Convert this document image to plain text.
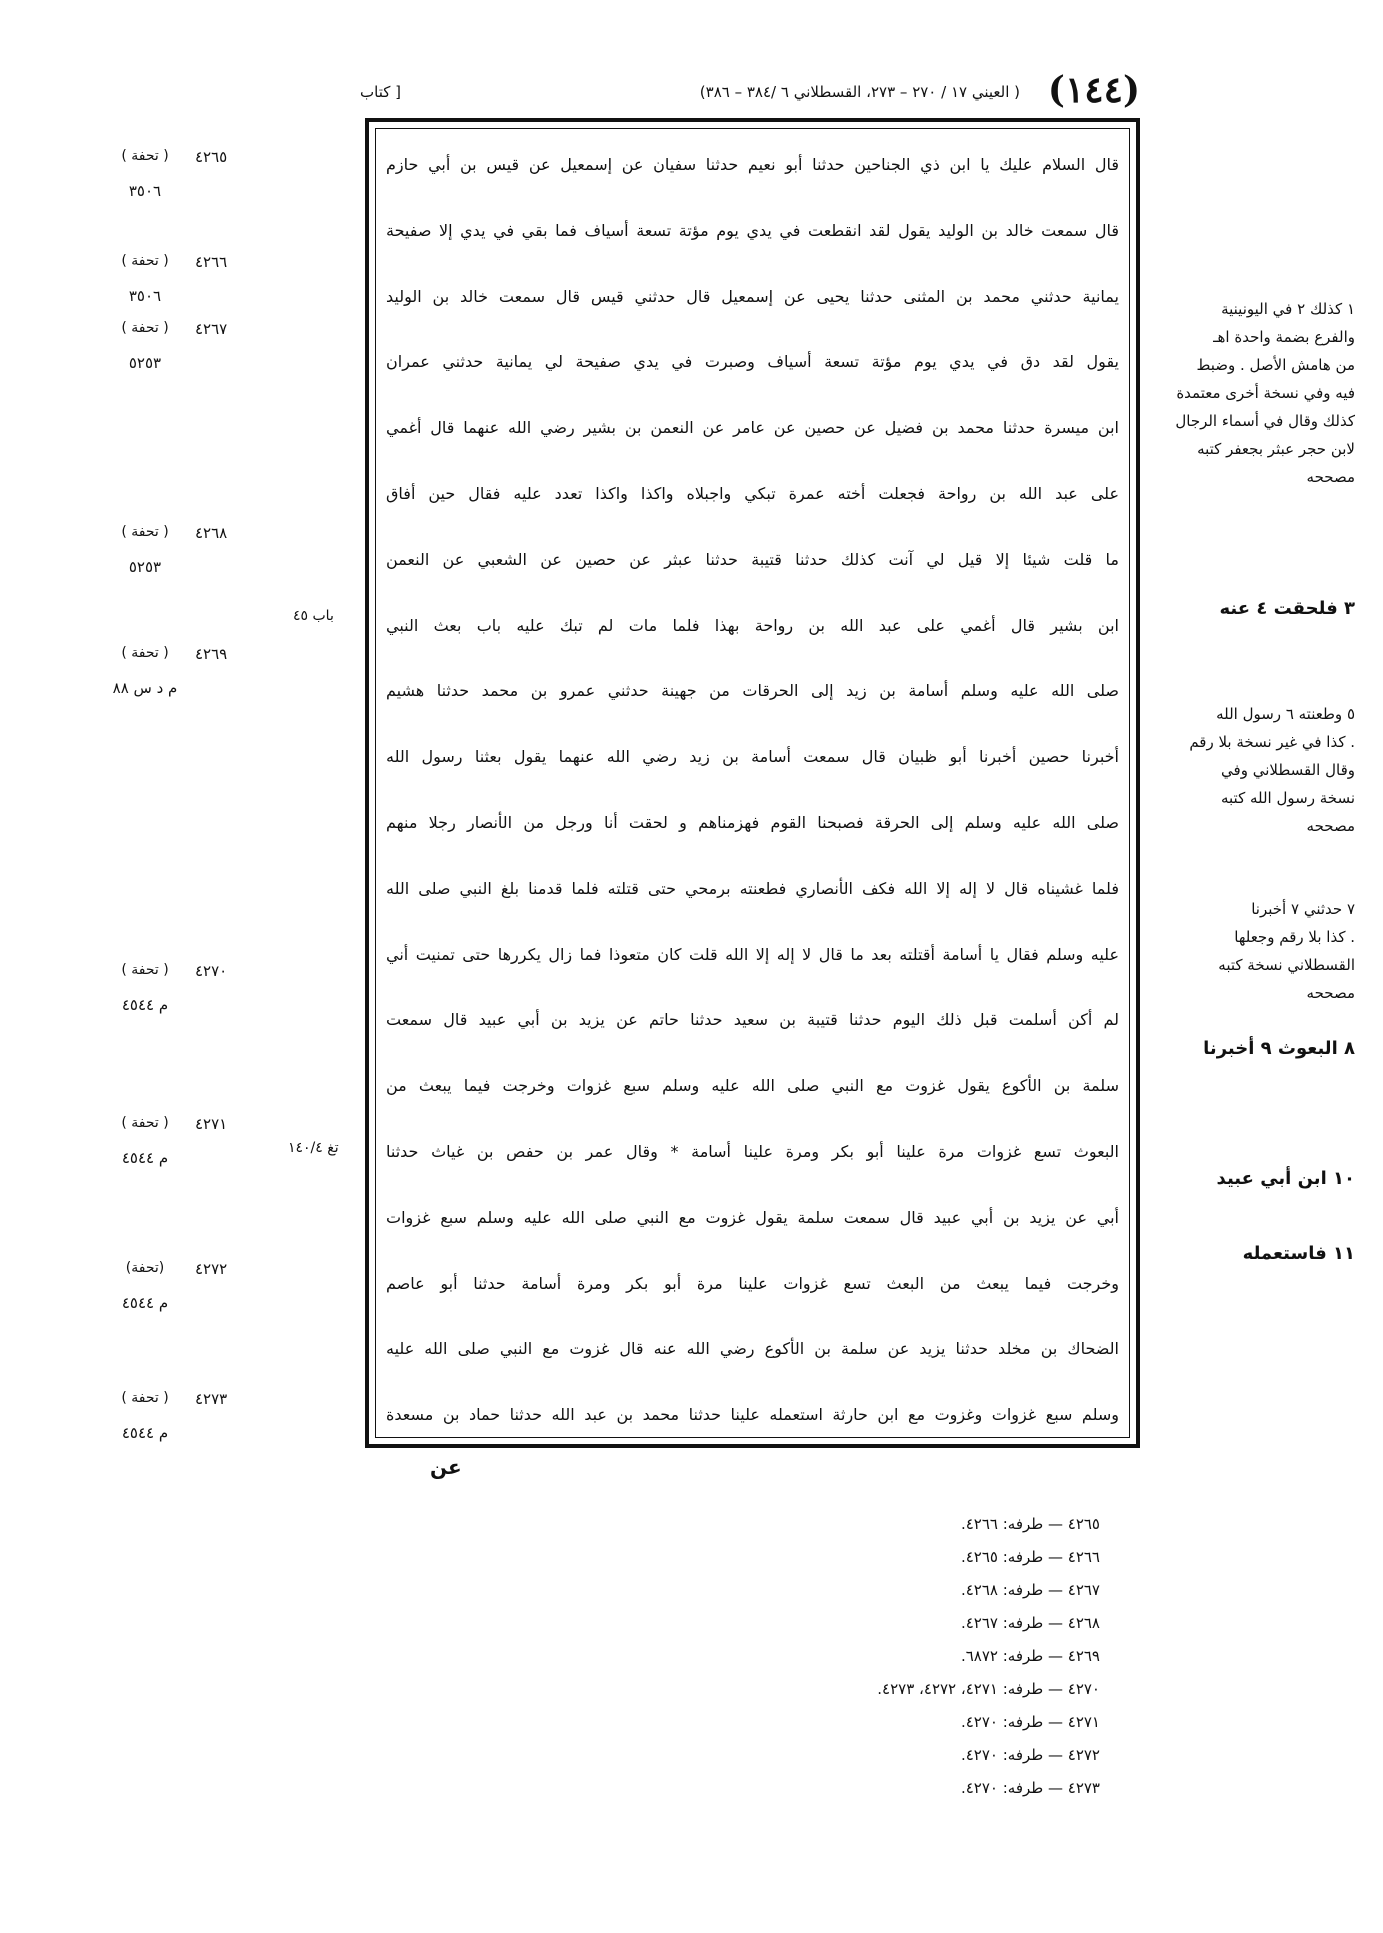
(١٤٤)
( العيني ١٧ / ٢٧٠ – ٢٧٣، القسطلاني ٦ /٣٨٤ – ٣٨٦)
[ كتاب
قال السلام عليك يا ابن ذي الجناحين حدثنا أبو نعيم حدثنا سفيان عن إسمعيل عن قيس بن أبي حازم
قال سمعت خالد بن الوليد يقول لقد انقطعت في يدي يوم مؤتة تسعة أسياف فما بقي في يدي إلا صفيحة
يمانية حدثني محمد بن المثنى حدثنا يحيى عن إسمعيل قال حدثني قيس قال سمعت خالد بن الوليد
يقول لقد دق في يدي يوم مؤتة تسعة أسياف وصبرت في يدي صفيحة لي يمانية حدثني عمران
ابن ميسرة حدثنا محمد بن فضيل عن حصين عن عامر عن النعمن بن بشير رضي الله عنهما قال أغمي
على عبد الله بن رواحة فجعلت أخته عمرة تبكي واجبلاه واكذا واكذا تعدد عليه فقال حين أفاق
ما قلت شيئا إلا قيل لي آنت كذلك حدثنا قتيبة حدثنا عبثر عن حصين عن الشعبي عن النعمن
ابن بشير قال أغمي على عبد الله بن رواحة بهذا فلما مات لم تبك عليه باب بعث النبي
صلى الله عليه وسلم أسامة بن زيد إلى الحرقات من جهينة حدثني عمرو بن محمد حدثنا هشيم
أخبرنا حصين أخبرنا أبو ظبيان قال سمعت أسامة بن زيد رضي الله عنهما يقول بعثنا رسول الله
صلى الله عليه وسلم إلى الحرقة فصبحنا القوم فهزمناهم و لحقت أنا ورجل من الأنصار رجلا منهم
فلما غشيناه قال لا إله إلا الله فكف الأنصاري فطعنته برمحي حتى قتلته فلما قدمنا بلغ النبي صلى الله
عليه وسلم فقال يا أسامة أقتلته بعد ما قال لا إله إلا الله قلت كان متعوذا فما زال يكررها حتى تمنيت أني
لم أكن أسلمت قبل ذلك اليوم حدثنا قتيبة بن سعيد حدثنا حاتم عن يزيد بن أبي عبيد قال سمعت
سلمة بن الأكوع يقول غزوت مع النبي صلى الله عليه وسلم سبع غزوات وخرجت فيما يبعث من
البعوث تسع غزوات مرة علينا أبو بكر ومرة علينا أسامة * وقال عمر بن حفص بن غياث حدثنا
أبي عن يزيد بن أبي عبيد قال سمعت سلمة يقول غزوت مع النبي صلى الله عليه وسلم سبع غزوات
وخرجت فيما يبعث من البعث تسع غزوات علينا مرة أبو بكر ومرة أسامة حدثنا أبو عاصم
الضحاك بن مخلد حدثنا يزيد عن سلمة بن الأكوع رضي الله عنه قال غزوت مع النبي صلى الله عليه
وسلم سبع غزوات وغزوت مع ابن حارثة استعمله علينا حدثنا محمد بن عبد الله حدثنا حماد بن مسعدة
عن
٤٢٦٥
( تحفة )
٣٥٠٦
٤٢٦٦
( تحفة )
٣٥٠٦
٤٢٦٧
( تحفة )
٥٢٥٣
٤٢٦٨
( تحفة )
٥٢٥٣
٤٢٦٩
( تحفة )
م د س ٨٨
٤٢٧٠
( تحفة )
م ٤٥٤٤
٤٢٧١
( تحفة )
م ٤٥٤٤
٤٢٧٢
(تحفة)
م ٤٥٤٤
٤٢٧٣
( تحفة )
م ٤٥٤٤
باب ٤٥
تغ ١٤٠/٤
١ كذلك ٢ في اليونينية
والفرع بضمة واحدة اهـ
من هامش الأصل . وضبط
فيه وفي نسخة أخرى معتمدة
كذلك وقال في أسماء الرجال
لابن حجر عبثر بجعفر كتبه
مصححه
٣ فلحقت ٤ عنه
٥ وطعنته ٦ رسول الله
. كذا في غير نسخة بلا رقم
وقال القسطلاني وفي
نسخة رسول الله كتبه
مصححه
٧ حدثني ٧ أخبرنا
. كذا بلا رقم وجعلها
القسطلاني نسخة كتبه
مصححه
٨ البعوث ٩ أخبرنا
١٠ ابن أبي عبيد
١١ فاستعمله
٤٢٦٥ — طرفه: ٤٢٦٦.
٤٢٦٦ — طرفه: ٤٢٦٥.
٤٢٦٧ — طرفه: ٤٢٦٨.
٤٢٦٨ — طرفه: ٤٢٦٧.
٤٢٦٩ — طرفه: ٦٨٧٢.
٤٢٧٠ — طرفه: ٤٢٧١، ٤٢٧٢، ٤٢٧٣.
٤٢٧١ — طرفه: ٤٢٧٠.
٤٢٧٢ — طرفه: ٤٢٧٠.
٤٢٧٣ — طرفه: ٤٢٧٠.
